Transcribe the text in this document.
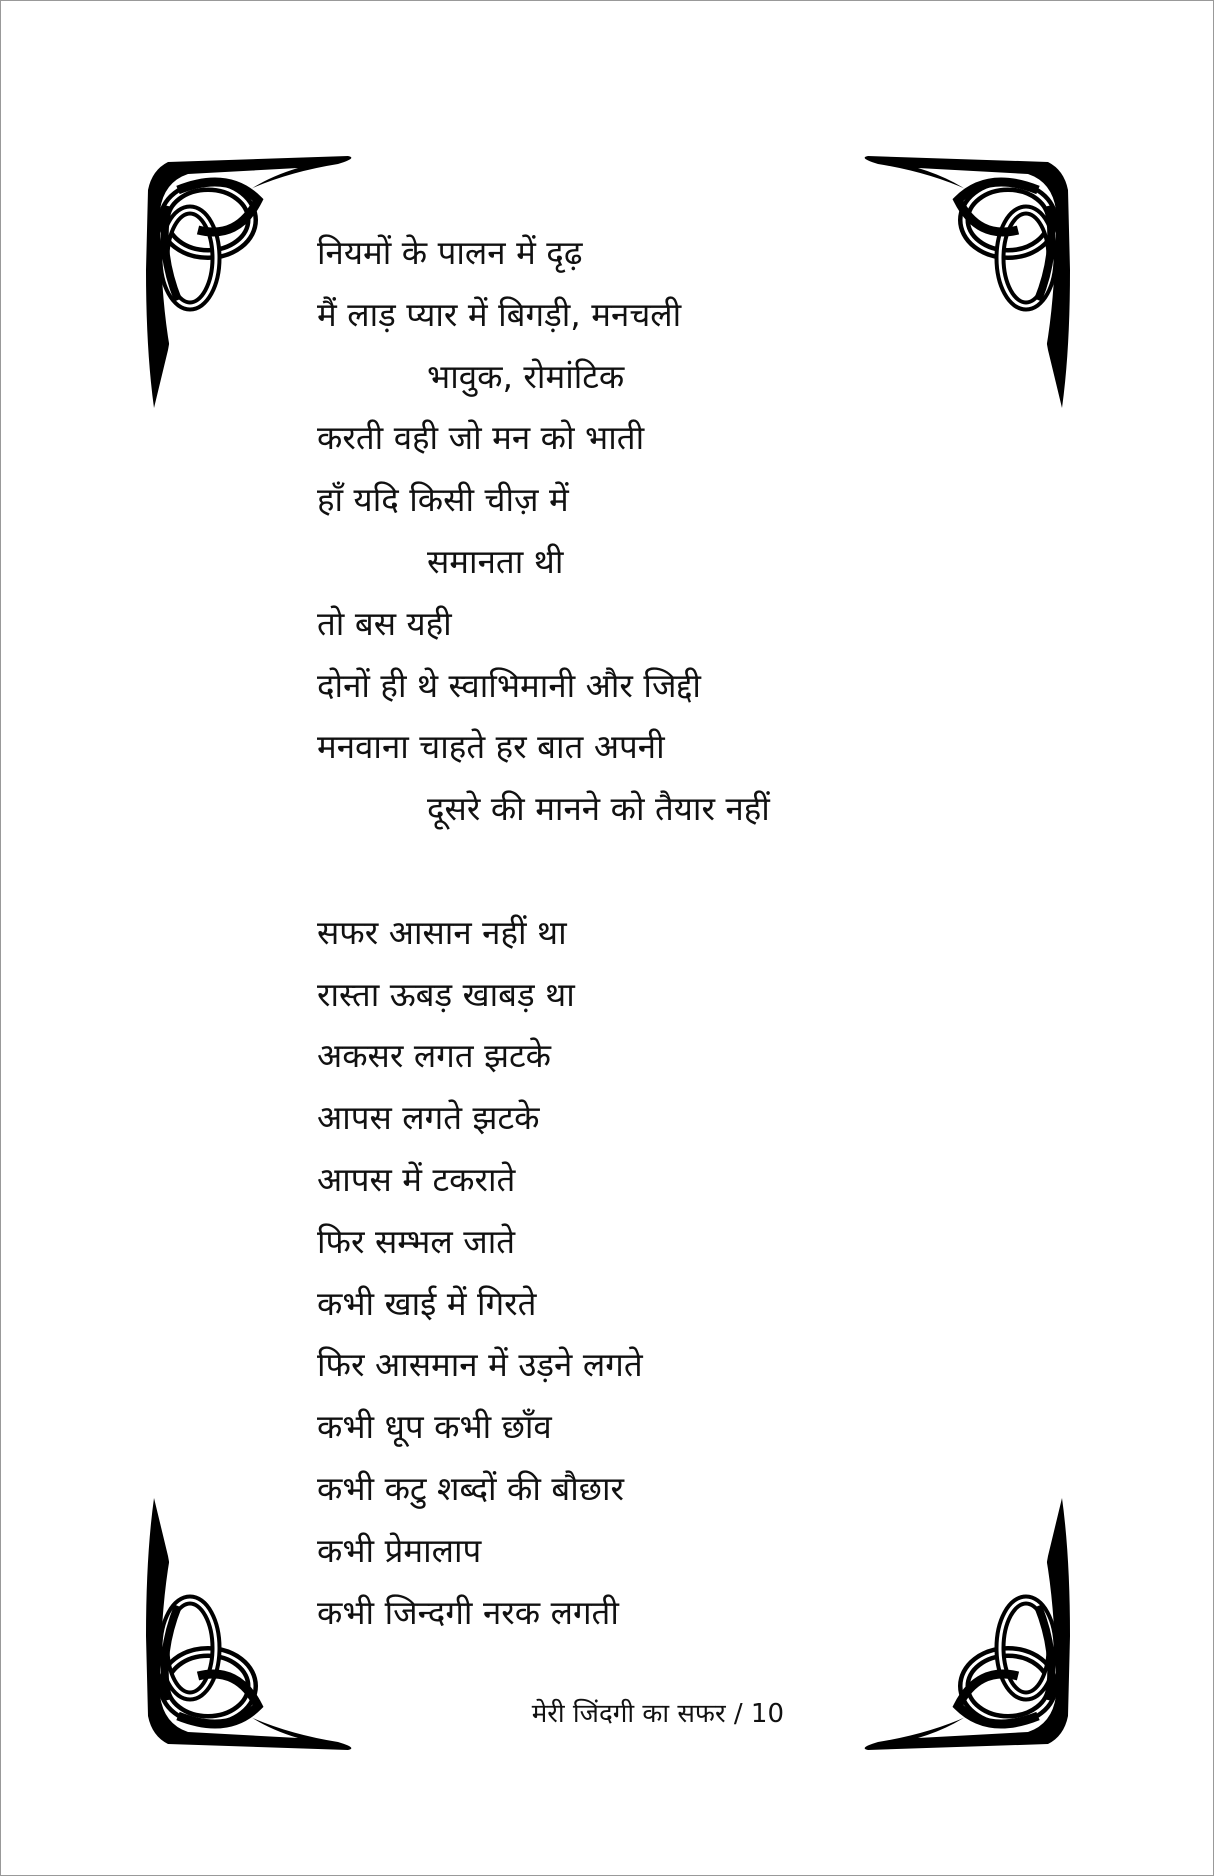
नियमों के पालन में दृढ़
मैं लाड़ प्यार में बिगड़ी, मनचली
भावुक, रोमांटिक
करती वही जो मन को भाती
हाँ यदि किसी चीज़ में
समानता थी
तो बस यही
दोनों ही थे स्वाभिमानी और जिद्दी
मनवाना चाहते हर बात अपनी
दूसरे की मानने को तैयार नहीं
सफर आसान नहीं था
रास्ता ऊबड़ खाबड़ था
अकसर लगत झटके
आपस लगते झटके
आपस में टकराते
फिर सम्भल जाते
कभी खाई में गिरते
फिर आसमान में उड़ने लगते
कभी धूप कभी छाँव
कभी कटु शब्दों की बौछार
कभी प्रेमालाप
कभी जिन्दगी नरक लगती
मेरी जिंदगी का सफर / 10
